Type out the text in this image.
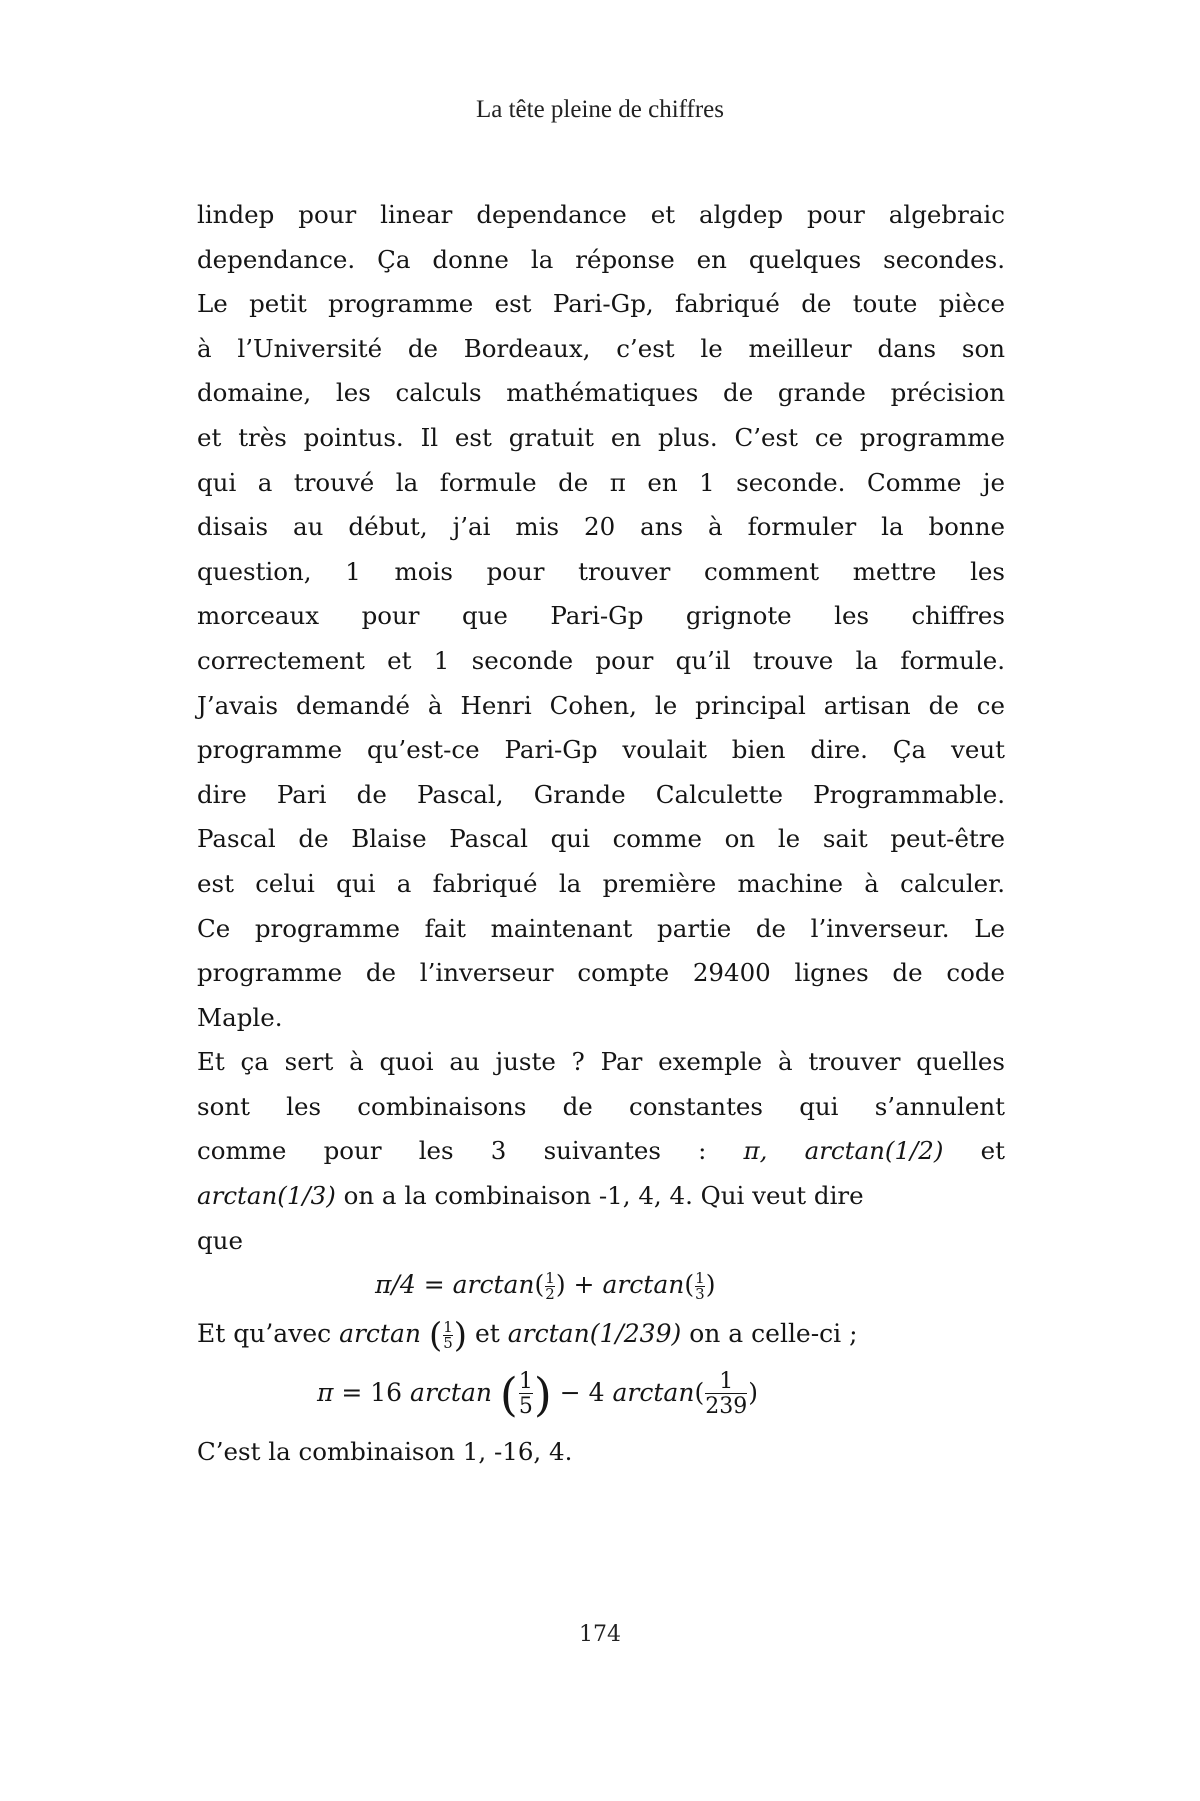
La tête pleine de chiffres
lindep pour linear dependance et algdep pour algebraic
dependance. Ça donne la réponse en quelques secondes.
Le petit programme est Pari-Gp, fabriqué de toute pièce
à l’Université de Bordeaux, c’est le meilleur dans son
domaine, les calculs mathématiques de grande précision
et très pointus. Il est gratuit en plus. C’est ce programme
qui a trouvé la formule de π en 1 seconde. Comme je
disais au début, j’ai mis 20 ans à formuler la bonne
question, 1 mois pour trouver comment mettre les
morceaux pour que Pari-Gp grignote les chiffres
correctement et 1 seconde pour qu’il trouve la formule.
J’avais demandé à Henri Cohen, le principal artisan de ce
programme qu’est-ce Pari-Gp voulait bien dire. Ça veut
dire Pari de Pascal, Grande Calculette Programmable.
Pascal de Blaise Pascal qui comme on le sait peut-être
est celui qui a fabriqué la première machine à calculer.
Ce programme fait maintenant partie de l’inverseur. Le
programme de l’inverseur compte 29400 lignes de code
Maple.
Et ça sert à quoi au juste ? Par exemple à trouver quelles
sont les combinaisons de constantes qui s’annulent
comme pour les 3 suivantes : π, arctan(1/2) et
arctan(1/3) on a la combinaison -1, 4, 4. Qui veut dire
que
$\pi/4 = \arctan( \frac{1}{2}$ ) + $\arctan( \frac{1}{3}$ )
Et qu’avec arctan ( $\frac{1}{5}$ ) et arctan(1/239) on a celle-ci ;
π = 16 arctan ( $\frac{1}{5}$ ) − 4 $\arctan( \frac{1}{239}$ )
C’est la combinaison 1, -16, 4.
174
